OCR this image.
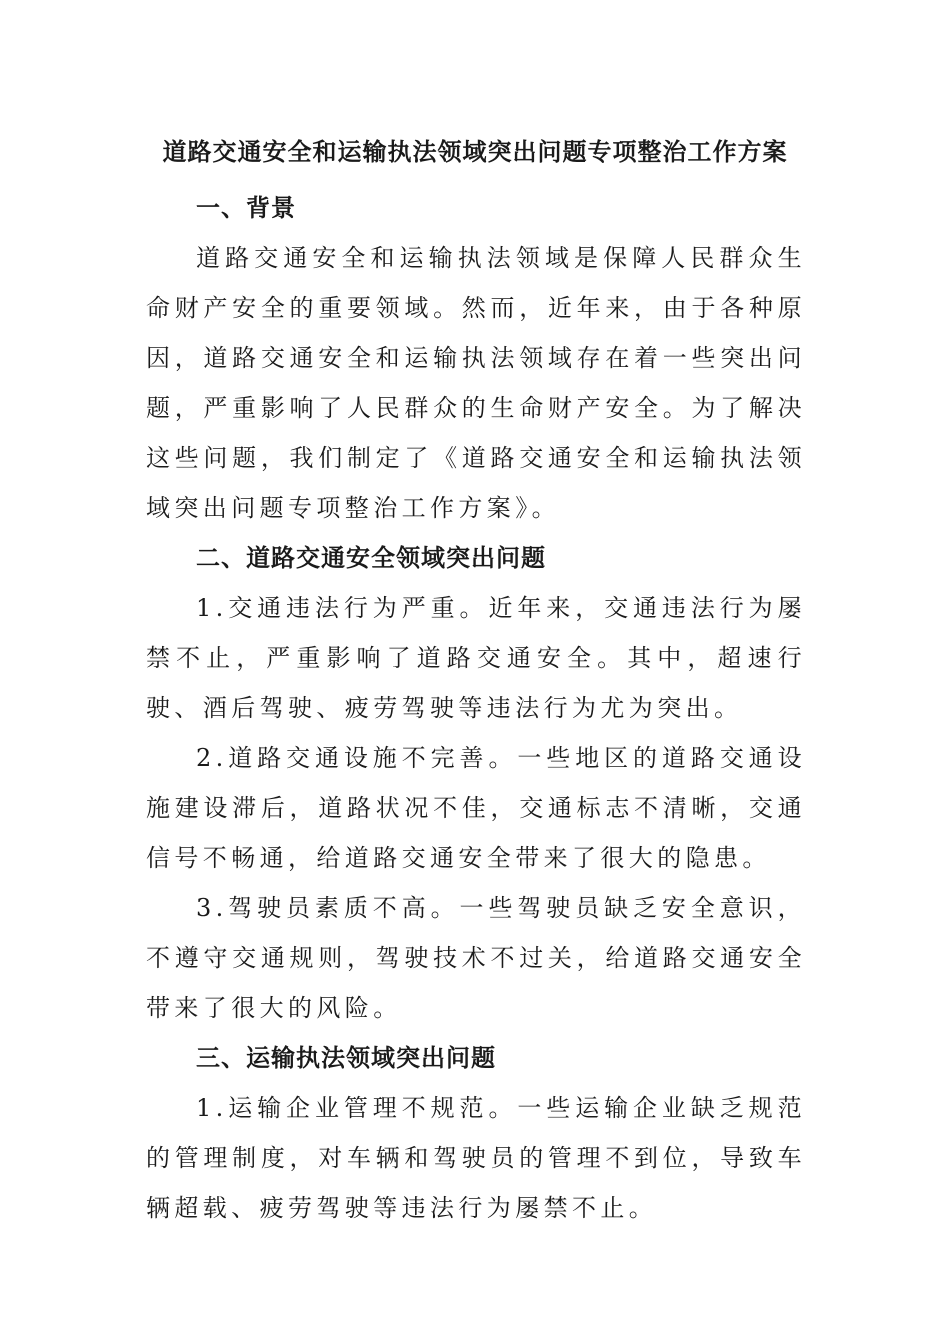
道路交通安全和运输执法领域突出问题专项整治工作方案

一、背景

道路交通安全和运输执法领域是保障人民群众生命财产安全的重要领域。然而，近年来，由于各种原因，道路交通安全和运输执法领域存在着一些突出问题，严重影响了人民群众的生命财产安全。为了解决这些问题，我们制定了《道路交通安全和运输执法领域突出问题专项整治工作方案》。

二、道路交通安全领域突出问题

1.交通违法行为严重。近年来，交通违法行为屡禁不止，严重影响了道路交通安全。其中，超速行驶、酒后驾驶、疲劳驾驶等违法行为尤为突出。

2.道路交通设施不完善。一些地区的道路交通设施建设滞后，道路状况不佳，交通标志不清晰，交通信号不畅通，给道路交通安全带来了很大的隐患。

3.驾驶员素质不高。一些驾驶员缺乏安全意识，不遵守交通规则，驾驶技术不过关，给道路交通安全带来了很大的风险。

三、运输执法领域突出问题

1.运输企业管理不规范。一些运输企业缺乏规范的管理制度，对车辆和驾驶员的管理不到位，导致车辆超载、疲劳驾驶等违法行为屡禁不止。
